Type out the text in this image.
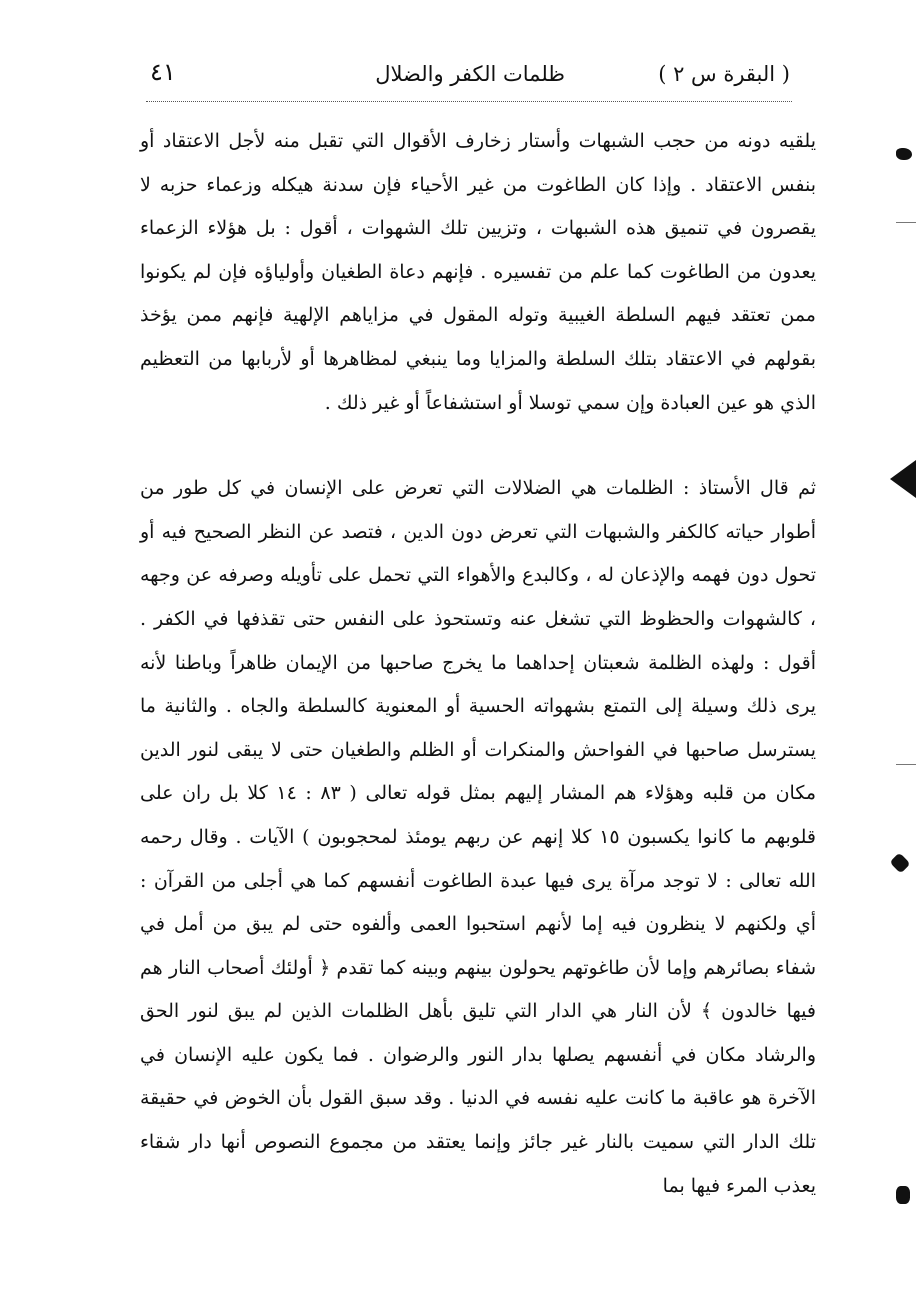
( البقرة س ٢ )
ظلمات الكفر والضلال
٤١

يلقيه دونه من حجب الشبهات وأستار زخارف الأقوال التي تقبل منه لأجل الاعتقاد أو بنفس الاعتقاد . وإذا كان الطاغوت من غير الأحياء فإن سدنة هيكله وزعماء حزبه لا يقصرون في تنميق هذه الشبهات ، وتزيين تلك الشهوات ، أقول : بل هؤلاء الزعماء يعدون من الطاغوت كما علم من تفسيره . فإنهم دعاة الطغيان وأولياؤه فإن لم يكونوا ممن تعتقد فيهم السلطة الغيبية وتوله المقول في مزاياهم الإلهية فإنهم ممن يؤخذ بقولهم في الاعتقاد بتلك السلطة والمزايا وما ينبغي لمظاهرها أو لأربابها من التعظيم الذي هو عين العبادة وإن سمي توسلا أو استشفاعاً أو غير ذلك .

ثم قال الأستاذ : الظلمات هي الضلالات التي تعرض على الإنسان في كل طور من أطوار حياته كالكفر والشبهات التي تعرض دون الدين ، فتصد عن النظر الصحيح فيه أو تحول دون فهمه والإذعان له ، وكالبدع والأهواء التي تحمل على تأويله وصرفه عن وجهه ، كالشهوات والحظوظ التي تشغل عنه وتستحوذ على النفس حتى تقذفها في الكفر . أقول : ولهذه الظلمة شعبتان إحداهما ما يخرج صاحبها من الإيمان ظاهراً وباطنا لأنه يرى ذلك وسيلة إلى التمتع بشهواته الحسية أو المعنوية كالسلطة والجاه . والثانية ما يسترسل صاحبها في الفواحش والمنكرات أو الظلم والطغيان حتى لا يبقى لنور الدين مكان من قلبه وهؤلاء هم المشار إليهم بمثل قوله تعالى ( ٨٣ : ١٤ كلا بل ران على قلوبهم ما كانوا يكسبون ١٥ كلا إنهم عن ربهم يومئذ لمحجوبون ) الآيات . وقال رحمه الله تعالى : لا توجد مرآة يرى فيها عبدة الطاغوت أنفسهم كما هي أجلى من القرآن : أي ولكنهم لا ينظرون فيه إما لأنهم استحبوا العمى وألفوه حتى لم يبق من أمل في شفاء بصائرهم وإما لأن طاغوتهم يحولون بينهم وبينه كما تقدم ﴿ أولئك أصحاب النار هم فيها خالدون ﴾ لأن النار هي الدار التي تليق بأهل الظلمات الذين لم يبق لنور الحق والرشاد مكان في أنفسهم يصلها بدار النور والرضوان . فما يكون عليه الإنسان في الآخرة هو عاقبة ما كانت عليه نفسه في الدنيا . وقد سبق القول بأن الخوض في حقيقة تلك الدار التي سميت بالنار غير جائز وإنما يعتقد من مجموع النصوص أنها دار شقاء يعذب المرء فيها بما
